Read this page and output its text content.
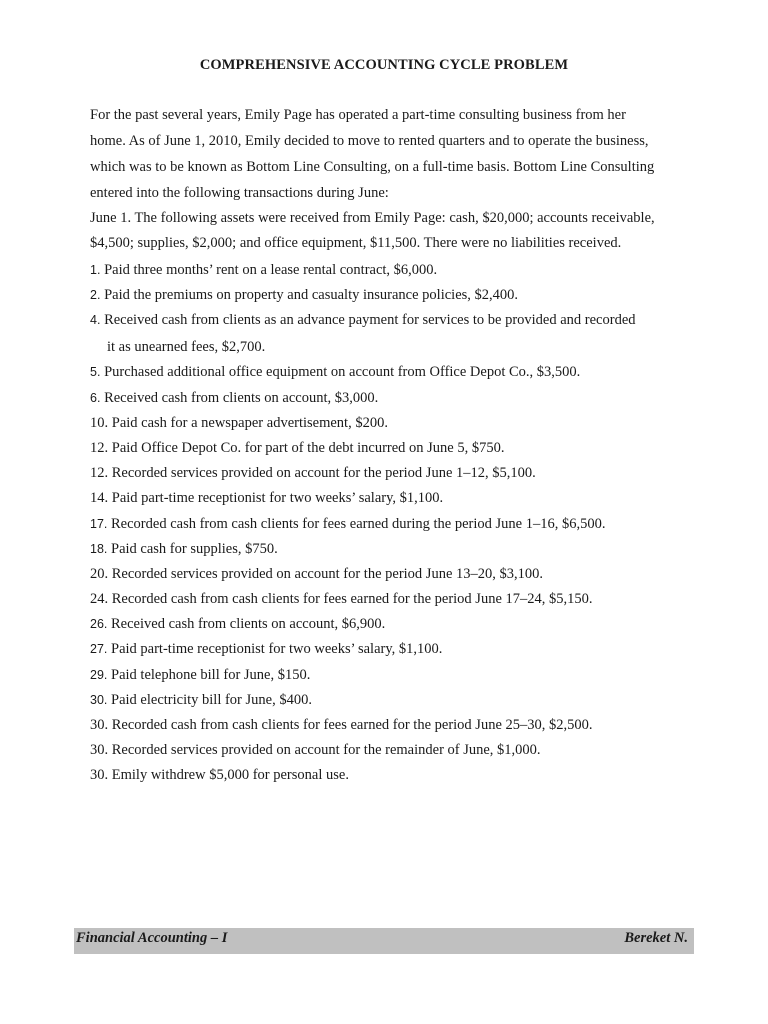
COMPREHENSIVE ACCOUNTING CYCLE PROBLEM

For the past several years, Emily Page has operated a part-time consulting business from her

home. As of June 1, 2010, Emily decided to move to rented quarters and to operate the business,

which was to be known as Bottom Line Consulting, on a full-time basis. Bottom Line Consulting

entered into the following transactions during June:

June 1. The following assets were received from Emily Page: cash, $20,000; accounts receivable,
$4,500; supplies, $2,000; and office equipment, $11,500. There were no liabilities received.
1. Paid three months’ rent on a lease rental contract, $6,000.
2. Paid the premiums on property and casualty insurance policies, $2,400.
4. Received cash from clients as an advance payment for services to be provided and recorded
it as unearned fees, $2,700.
5. Purchased additional office equipment on account from Office Depot Co., $3,500.
6. Received cash from clients on account, $3,000.
10. Paid cash for a newspaper advertisement, $200.
12. Paid Office Depot Co. for part of the debt incurred on June 5, $750.
12. Recorded services provided on account for the period June 1–12, $5,100.
14. Paid part-time receptionist for two weeks’ salary, $1,100.
17. Recorded cash from cash clients for fees earned during the period June 1–16, $6,500.
18. Paid cash for supplies, $750.
20. Recorded services provided on account for the period June 13–20, $3,100.
24. Recorded cash from cash clients for fees earned for the period June 17–24, $5,150.
26. Received cash from clients on account, $6,900.
27. Paid part-time receptionist for two weeks’ salary, $1,100.
29. Paid telephone bill for June, $150.
30. Paid electricity bill for June, $400.
30. Recorded cash from cash clients for fees earned for the period June 25–30, $2,500.
30. Recorded services provided on account for the remainder of June, $1,000.
30. Emily withdrew $5,000 for personal use.
Financial Accounting – I	Bereket N.
